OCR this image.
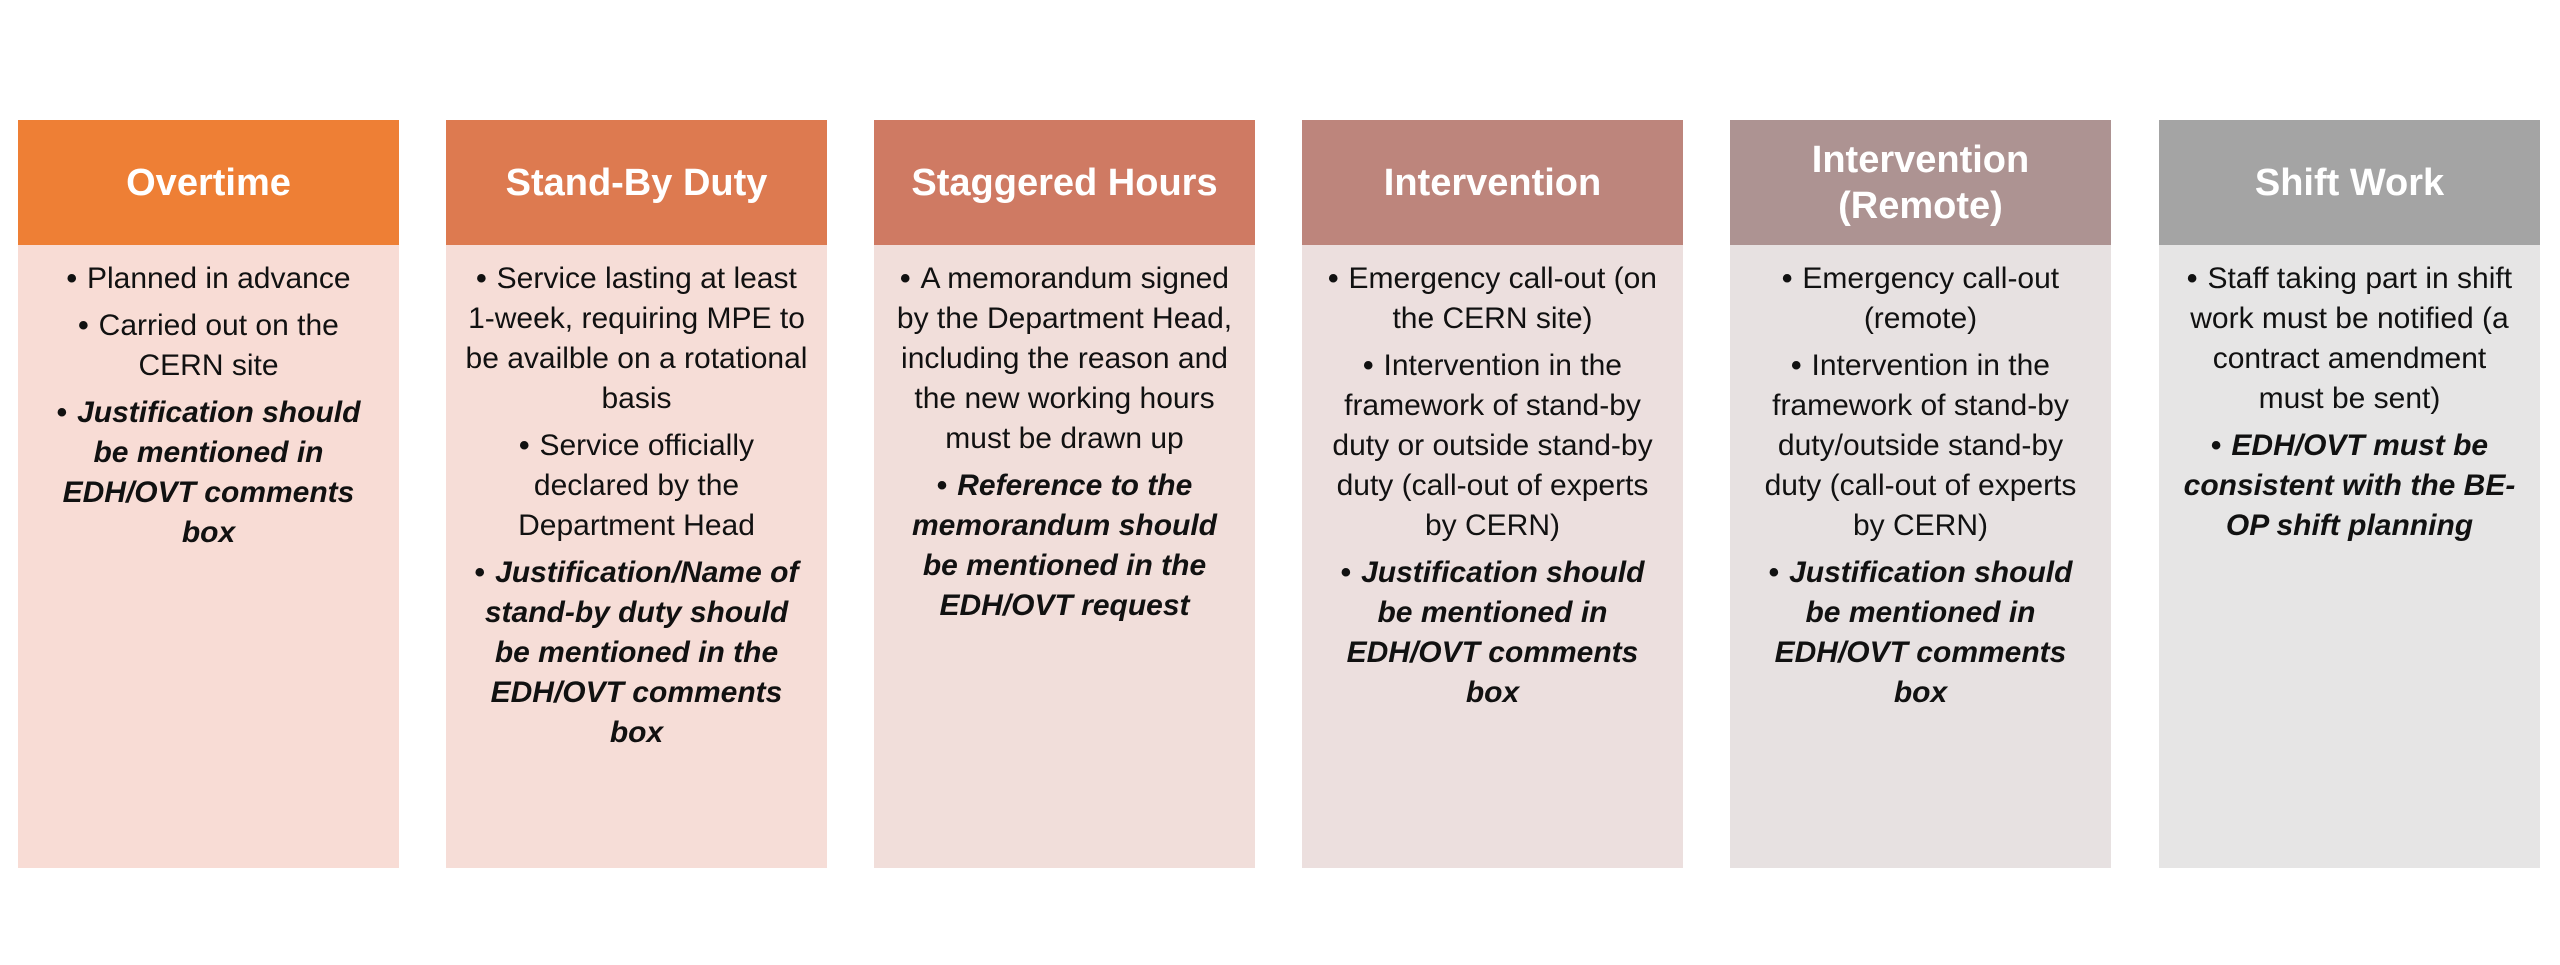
Overtime
• Planned in advance
• Carried out on the CERN site
• Justification should be mentioned in EDH/OVT comments box
Stand-By Duty
• Service lasting at least 1-week, requiring MPE to be availble on a rotational basis
• Service officially declared by the Department Head
• Justification/Name of stand-by duty should be mentioned in the EDH/OVT comments box
Staggered Hours
• A memorandum signed by the Department Head, including the reason and the new working hours must be drawn up
• Reference to the memorandum should be mentioned in the EDH/OVT request
Intervention
• Emergency call-out (on the CERN site)
• Intervention in the framework of stand-by duty or outside stand-by duty (call-out of experts by CERN)
• Justification should be mentioned in EDH/OVT comments box
Intervention (Remote)
• Emergency call-out (remote)
• Intervention in the framework of stand-by duty/outside stand-by duty (call-out of experts by CERN)
• Justification should be mentioned in EDH/OVT comments box
Shift Work
• Staff taking part in shift work must be notified (a contract amendment must be sent)
• EDH/OVT must be consistent with the BE-OP shift planning
